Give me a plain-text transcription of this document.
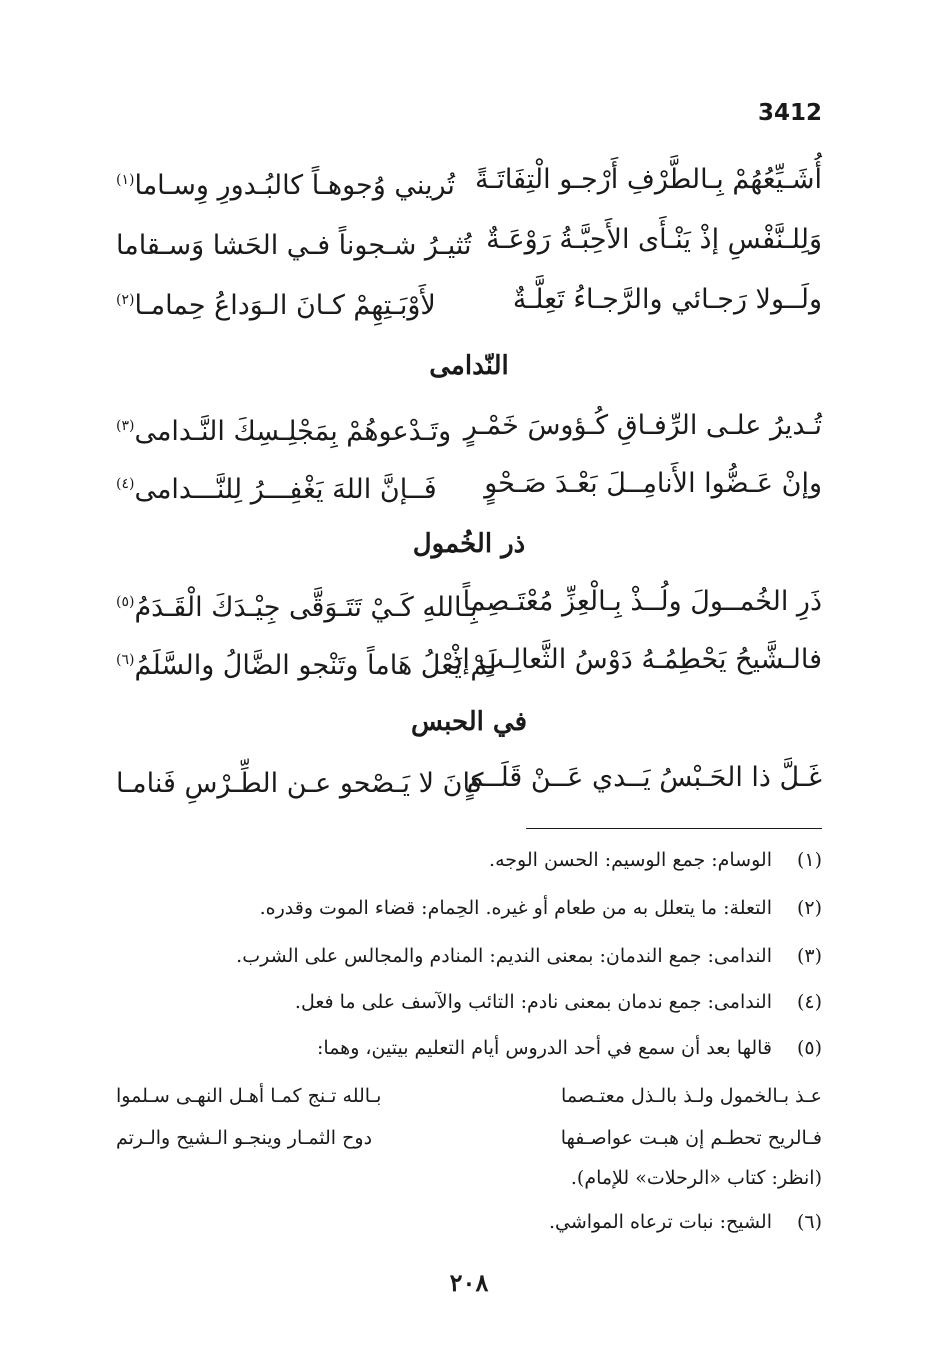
3412
أُشَـيِّعُهُمْ بِـالطَّرْفِ أَرْجـو الْتِفَاتَـةً
تُريني وُجوهـاً كالبُـدورِ وِسـاما$^{(١)}$
وَلِلـنَّفْسِ إذْ يَنْـأَى الأَحِبَّـةُ رَوْعَـةٌ
تُثيـرُ شـجوناً فـي الحَشا وَسـقاما
ولَــولا رَجـائي والرَّجـاءُ تَعِلَّـةٌ
لأَوْبَـتِهِمْ كـانَ الـوَداعُ حِمامـا$^{(٢)}$
النّدامى
تُـديرُ علـى الرِّفـاقِ كُـؤوسَ خَمْـرٍ
وتَـدْعوهُمْ بِمَجْلِـسِكَ النَّـدامى$^{(٣)}$
وإنْ عَـضُّوا الأَنامِــلَ بَعْـدَ صَـحْوٍ
فَــإنَّ اللهَ يَغْفِـــرُ لِلنَّـــدامى$^{(٤)}$
ذر الخُمول
ذَرِ الخُمــولَ ولُــذْ بِـالْعِزِّ مُعْتَـصِماً
بِـاللهِ كَـيْ تَتَـوَقَّى جِيْـدَكَ الْقَـدَمُ$^{(٥)}$
فالـشَّيحُ يَحْطِمُـهُ دَوْسُ الثَّعالِـبِ إذْ
لَمْ يَعْلُ هَاماً وتَنْجو الضَّالُ والسَّلَمُ$^{(٦)}$
في الحبس
غَـلَّ ذا الحَـبْسُ يَــدي عَــنْ قَلَــمٍ
كانَ لا يَـصْحو عـن الطِّـرْسِ فَنامـا
(١)الوسام: جمع الوسيم: الحسن الوجه.
(٢)التعلة: ما يتعلل به من طعام أو غيره. الحِمام: قضاء الموت وقدره.
(٣)الندامى: جمع الندمان: بمعنى النديم: المنادم والمجالس على الشرب.
(٤)الندامى: جمع ندمان بمعنى نادم: التائب والآسف على ما فعل.
(٥)قالها بعد أن سمع في أحد الدروس أيام التعليم بيتين، وهما:
عـذ بـالخمول ولـذ بالـذل معتـصما
بـالله تـنج كمـا أهـل النهـى سـلموا
فـالريح تحطـم إن هبـت عواصـفها
دوح الثمـار وينجـو الـشيح والـرتم
(انظر: كتاب «الرحلات» للإمام).
(٦)الشيح: نبات ترعاه المواشي.
٢٠٨
